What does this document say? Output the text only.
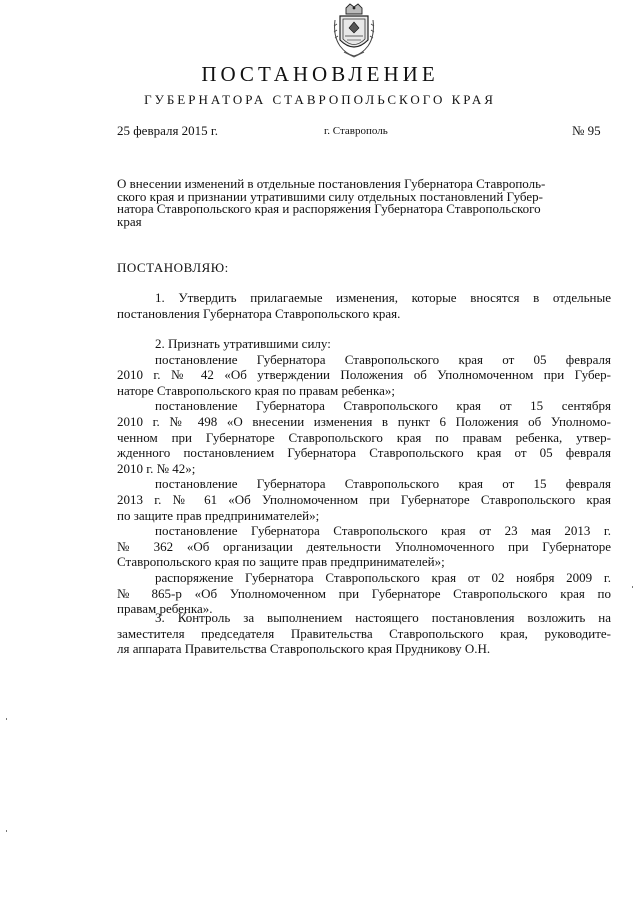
ПОСТАНОВЛЕНИЕ
ГУБЕРНАТОРА СТАВРОПОЛЬСКОГО КРАЯ
25 февраля 2015 г.	г. Ставрополь	№ 95
О внесении изменений в отдельные постановления Губернатора Ставрополь-
ского края и признании утратившими силу отдельных постановлений Губер-
натора Ставропольского края и распоряжения Губернатора Ставропольского
края
ПОСТАНОВЛЯЮ:
1. Утвердить прилагаемые изменения, которые вносятся в отдельные
постановления Губернатора Ставропольского края.
2. Признать утратившими силу:
постановление Губернатора Ставропольского края от 05 февраля
2010 г. № 42 «Об утверждении Положения об Уполномоченном при Губер-
наторе Ставропольского края по правам ребенка»;
постановление Губернатора Ставропольского края от 15 сентября
2010 г. № 498 «О внесении изменения в пункт 6 Положения об Уполномо-
ченном при Губернаторе Ставропольского края по правам ребенка, утвер-
жденного постановлением Губернатора Ставропольского края от 05 февраля
2010 г. № 42»;
постановление Губернатора Ставропольского края от 15 февраля
2013 г. № 61 «Об Уполномоченном при Губернаторе Ставропольского края
по защите прав предпринимателей»;
постановление Губернатора Ставропольского края от 23 мая 2013 г.
№ 362 «Об организации деятельности Уполномоченного при Губернаторе
Ставропольского края по защите прав предпринимателей»;
распоряжение Губернатора Ставропольского края от 02 ноября 2009 г.
№ 865-р «Об Уполномоченном при Губернаторе Ставропольского края по
правам ребенка».
3. Контроль за выполнением настоящего постановления возложить на
заместителя председателя Правительства Ставропольского края, руководите-
ля аппарата Правительства Ставропольского края Прудникову О.Н.
